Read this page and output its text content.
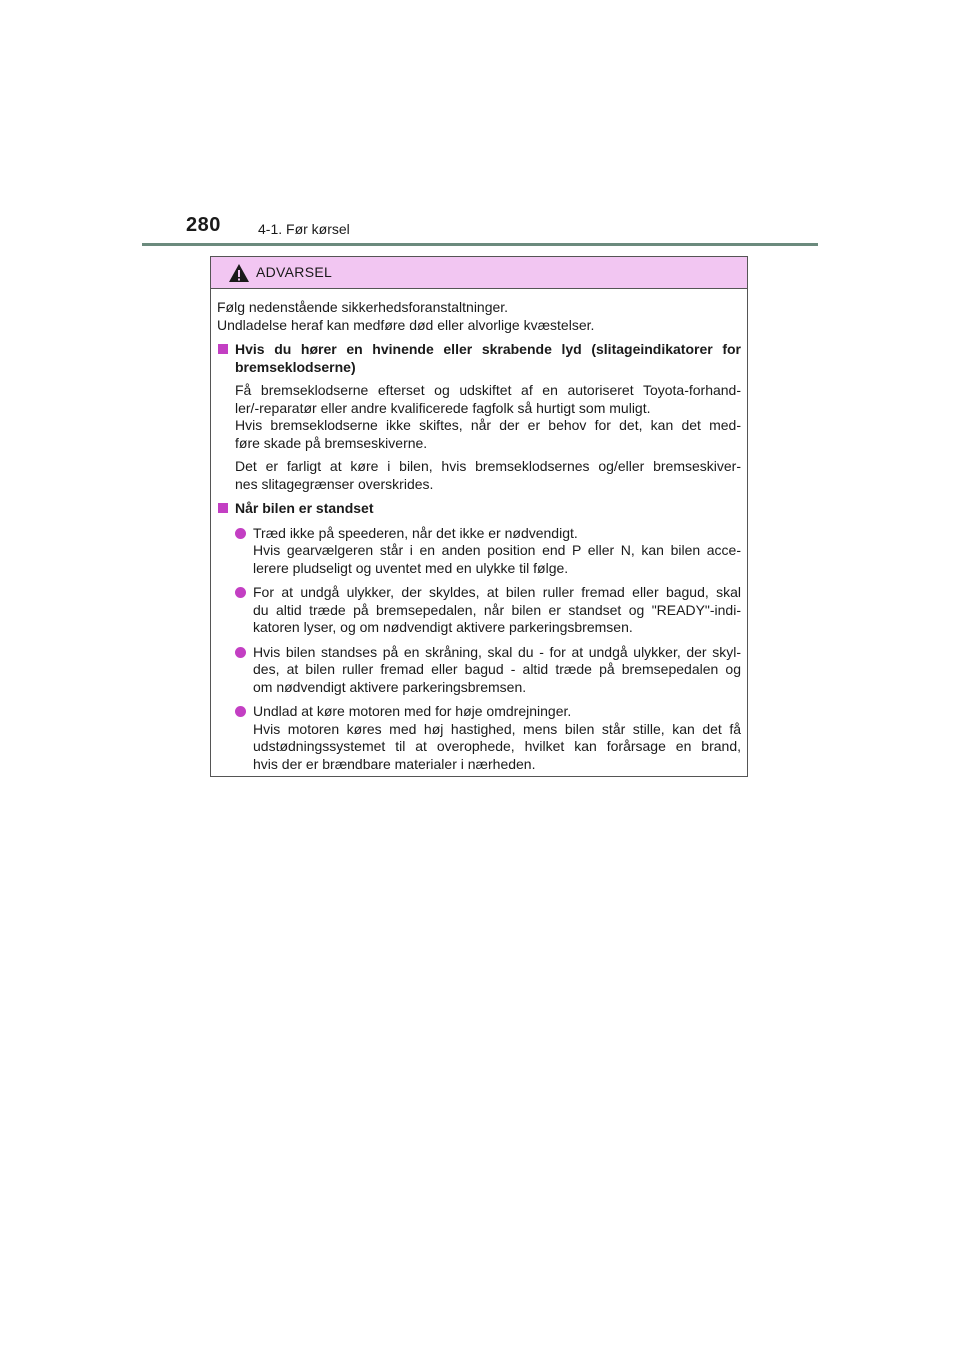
280	4-1. Før kørsel
ADVARSEL
Følg nedenstående sikkerhedsforanstaltninger.
Undladelse heraf kan medføre død eller alvorlige kvæstelser.
Hvis du hører en hvinende eller skrabende lyd (slitageindikatorer for
bremseklodserne)
Få bremseklodserne efterset og udskiftet af en autoriseret Toyota-forhand-
ler/-reparatør eller andre kvalificerede fagfolk så hurtigt som muligt.
Hvis bremseklodserne ikke skiftes, når der er behov for det, kan det med-
føre skade på bremseskiverne.
Det er farligt at køre i bilen, hvis bremseklodsernes og/eller bremseskiver-
nes slitagegrænser overskrides.
Når bilen er standset
Træd ikke på speederen, når det ikke er nødvendigt.
Hvis gearvælgeren står i en anden position end P eller N, kan bilen acce-
lerere pludseligt og uventet med en ulykke til følge.
For at undgå ulykker, der skyldes, at bilen ruller fremad eller bagud, skal
du altid træde på bremsepedalen, når bilen er standset og "READY"-indi-
katoren lyser, og om nødvendigt aktivere parkeringsbremsen.
Hvis bilen standses på en skråning, skal du - for at undgå ulykker, der skyl-
des, at bilen ruller fremad eller bagud - altid træde på bremsepedalen og
om nødvendigt aktivere parkeringsbremsen.
Undlad at køre motoren med for høje omdrejninger.
Hvis motoren køres med høj hastighed, mens bilen står stille, kan det få
udstødningssystemet til at overophede, hvilket kan forårsage en brand,
hvis der er brændbare materialer i nærheden.
